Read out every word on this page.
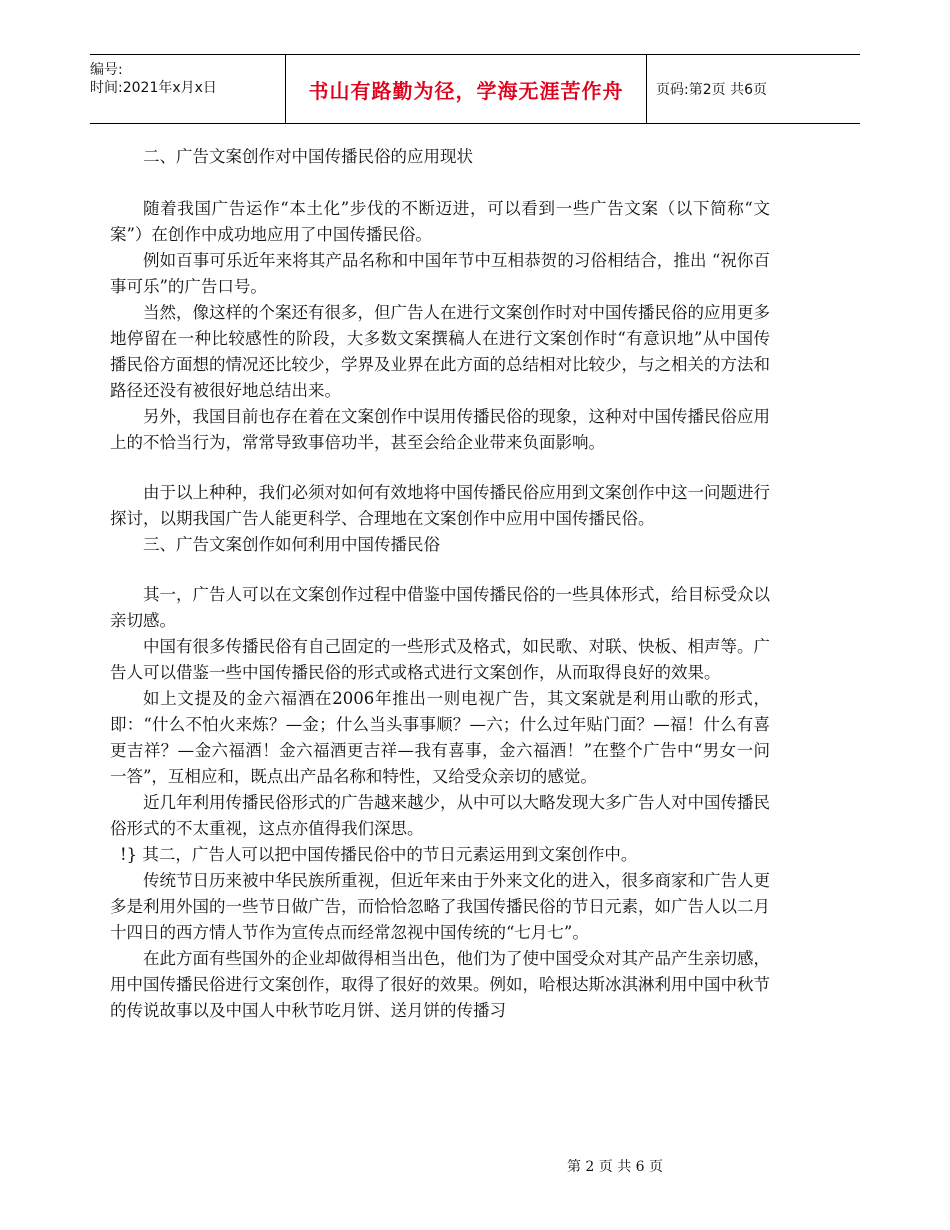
编号:
时间:2021年x月x日	书山有路勤为径，学海无涯苦作舟 页码:第2页 共6页

二、广告文案创作对中国传播民俗的应用现状

随着我国广告运作“本土化”步伐的不断迈进，可以看到一些广告文案（以下简称“文案”）在创作中成功地应用了中国传播民俗。

例如百事可乐近年来将其产品名称和中国年节中互相恭贺的习俗相结合，推出 “祝你百事可乐”的广告口号。

当然，像这样的个案还有很多，但广告人在进行文案创作时对中国传播民俗的应用更多地停留在一种比较感性的阶段，大多数文案撰稿人在进行文案创作时“有意识地”从中国传播民俗方面想的情况还比较少，学界及业界在此方面的总结相对比较少，与之相关的方法和路径还没有被很好地总结出来。

另外，我国目前也存在着在文案创作中误用传播民俗的现象，这种对中国传播民俗应用上的不恰当行为，常常导致事倍功半，甚至会给企业带来负面影响。

由于以上种种，我们必须对如何有效地将中国传播民俗应用到文案创作中这一问题进行探讨，以期我国广告人能更科学、合理地在文案创作中应用中国传播民俗。

三、广告文案创作如何利用中国传播民俗

其一，广告人可以在文案创作过程中借鉴中国传播民俗的一些具体形式，给目标受众以亲切感。

中国有很多传播民俗有自己固定的一些形式及格式，如民歌、对联、快板、相声等。广告人可以借鉴一些中国传播民俗的形式或格式进行文案创作，从而取得良好的效果。

如上文提及的金六福酒在2006年推出一则电视广告，其文案就是利用山歌的形式，即：“什么不怕火来炼？—金；什么当头事事顺？—六；什么过年贴门面？—福！什么有喜更吉祥？—金六福酒！金六福酒更吉祥—我有喜事，金六福酒！”在整个广告中“男女一问一答”，互相应和，既点出产品名称和特性，又给受众亲切的感觉。

近几年利用传播民俗形式的广告越来越少，从中可以大略发现大多广告人对中国传播民俗形式的不太重视，这点亦值得我们深思。

!} 其二，广告人可以把中国传播民俗中的节日元素运用到文案创作中。

传统节日历来被中华民族所重视，但近年来由于外来文化的进入，很多商家和广告人更多是利用外国的一些节日做广告，而恰恰忽略了我国传播民俗的节日元素，如广告人以二月十四日的西方情人节作为宣传点而经常忽视中国传统的“七月七”。

在此方面有些国外的企业却做得相当出色，他们为了使中国受众对其产品产生亲切感，用中国传播民俗进行文案创作，取得了很好的效果。例如，哈根达斯冰淇淋利用中国中秋节的传说故事以及中国人中秋节吃月饼、送月饼的传播习

第 2 页 共 6 页
